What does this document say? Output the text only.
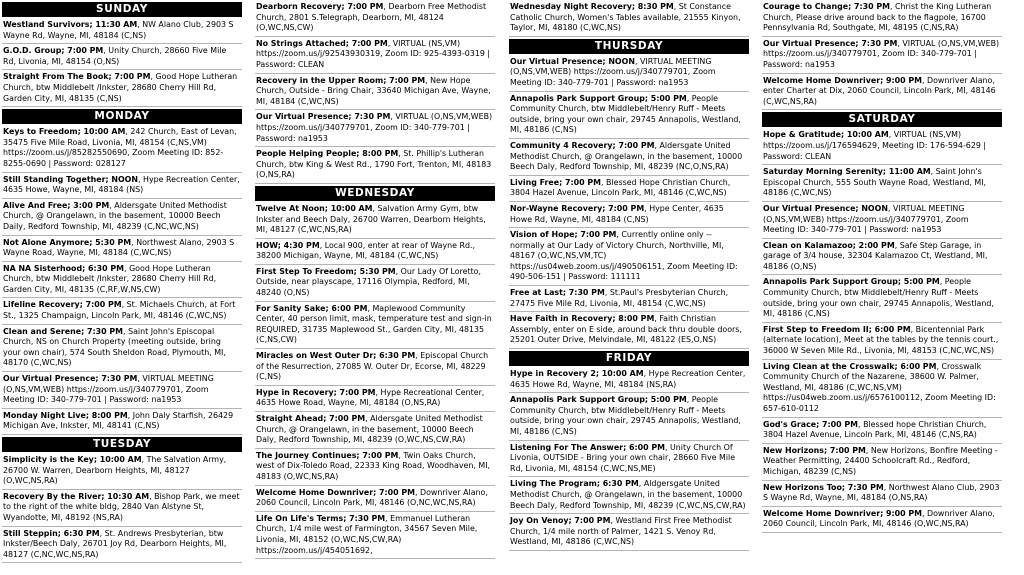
SUNDAY
Westland Survivors; 11:30 AM, NW Alano Club, 2903 S Wayne Rd, Wayne, MI, 48184 (C,NS)
G.O.D. Group; 7:00 PM, Unity Church, 28660 Five Mile Rd, Livonia, MI, 48154 (O,NS)
Straight From The Book; 7:00 PM, Good Hope Lutheran Church, btw Middlebelt /Inkster, 28680 Cherry Hill Rd, Garden City, MI, 48135 (C,NS)
MONDAY
Keys to Freedom; 10:00 AM, 242 Church, East of Levan, 35475 Five Mile Road, Livonia, MI, 48154 (C,NS,VM) https://zoom.us/j/85282550690, Zoom Meeting ID: 852-8255-0690 | Password: 028127
Still Standing Together; NOON, Hype Recreation Center, 4635 Howe, Wayne, MI, 48184 (NS)
Alive And Free; 3:00 PM, Aldersgate United Methodist Church, @ Orangelawn, in the basement, 10000 Beech Daily, Redford Township, MI, 48239 (C,NC,WC,NS)
Not Alone Anymore; 5:30 PM, Northwest Alano, 2903 S Wayne Road, Wayne, MI, 48184 (C,WC,NS)
NA NA Sisterhood; 6:30 PM, Good Hope Lutheran Church, btw Middlebelt /Inkster, 28680 Cherry Hill Rd, Garden City, MI, 48135 (C,RF,W,NS,CW)
Lifeline Recovery; 7:00 PM, St. Michaels Church, at Fort St., 1325 Champaign, Lincoln Park, MI, 48146 (C,WC,NS)
Clean and Serene; 7:30 PM, Saint John's Episcopal Church, NS on Church Property (meeting outside, bring your own chair), 574 South Sheldon Road, Plymouth, MI, 48170 (C,WC,NS)
Our Virtual Presence; 7:30 PM, VIRTUAL MEETING (O,NS,VM,WEB) https://zoom.us/j/340779701, Zoom Meeting ID: 340-779-701 | Password: na1953
Monday Night Live; 8:00 PM, John Daly Starfish, 26429 Michigan Ave, Inkster, MI, 48141 (C,NS)
TUESDAY
Simplicity is the Key; 10:00 AM, The Salvation Army, 26700 W. Warren, Dearborn Heights, MI, 48127 (O,WC,NS,RA)
Recovery By the River; 10:30 AM, Bishop Park, we meet to the right of the white bldg, 2840 Van Alstyne St, Wyandotte, MI, 48192 (NS,RA)
Still Steppin; 6:30 PM, St. Andrews Presbyterian, btw Inkster/Beech Daly, 26701 Joy Rd, Dearborn Heights, MI, 48127 (C,NC,WC,NS,RA)
Dearborn Recovery; 7:00 PM, Dearborn Free Methodist Church, 2801 S.Telegraph, Dearborn, MI, 48124 (O,WC,NS,CW)
No Strings Attached; 7:00 PM, VIRTUAL (NS,VM) https://zoom.us/j/92543930319, Zoom ID: 925-4393-0319 | Password: CLEAN
Recovery in the Upper Room; 7:00 PM, New Hope Church, Outside - Bring Chair, 33640 Michigan Ave, Wayne, MI, 48184 (C,WC,NS)
Our Virtual Presence; 7:30 PM, VIRTUAL (O,NS,VM,WEB) https://zoom.us/j/340779701, Zoom ID: 340-779-701 | Password: na1953
People Helping People; 8:00 PM, St. Phillip's Lutheran Church, btw King & West Rd., 1790 Fort, Trenton, MI, 48183 (O,NS,RA)
WEDNESDAY
Twelve At Noon; 10:00 AM, Salvation Army Gym, btw Inkster and Beech Daly, 26700 Warren, Dearborn Heights, MI, 48127 (C,WC,NS,RA)
HOW; 4:30 PM, Local 900, enter at rear of Wayne Rd., 38200 Michigan, Wayne, MI, 48184 (C,WC,NS)
First Step To Freedom; 5:30 PM, Our Lady Of Loretto, Outside, near playscape, 17116 Olympia, Redford, MI, 48240 (O,NS)
For Sanity Sake; 6:00 PM, Maplewood Community Center, 40 person limit, mask, temperature test and sign-in REQUIRED, 31735 Maplewood St., Garden City, MI, 48135 (C,NS,CW)
Miracles on West Outer Dr; 6:30 PM, Episcopal Church of the Resurrection, 27085 W. Outer Dr, Ecorse, MI, 48229 (C,NS)
Hype in Recovery; 7:00 PM, Hype Recreational Center, 4635 Howe Road, Wayne, MI, 48184 (O,NS,RA)
Straight Ahead; 7:00 PM, Aldersgate United Methodist Church, @ Orangelawn, in the basement, 10000 Beech Daly, Redford Township, MI, 48239 (O,WC,NS,CW,RA)
The Journey Continues; 7:00 PM, Twin Oaks Church, west of Dix-Toledo Road, 22333 King Road, Woodhaven, MI, 48183 (O,WC,NS,RA)
Welcome Home Downriver; 7:00 PM, Downriver Alano, 2060 Council, Lincoln Park, MI, 48146 (O,NC,WC,NS,RA)
Life On Life's Terms; 7:30 PM, Emmanuel Lutheran Church, 1/4 mile west of Farmington, 34567 Seven Mile, Livonia, MI, 48152 (O,WC,NS,CW,RA) https://zoom.us/j/454051692,
Wednesday Night Recovery; 8:30 PM, St Constance Catholic Church, Women's Tables available, 21555 Kinyon, Taylor, MI, 48180 (C,WC,NS)
THURSDAY
Our Virtual Presence; NOON, VIRTUAL MEETING (O,NS,VM,WEB) https://zoom.us/j/340779701, Zoom Meeting ID: 340-779-701 | Password: na1953
Annapolis Park Support Group; 5:00 PM, People Community Church, btw Middlebelt/Henry Ruff - Meets outside, bring your own chair, 29745 Annapolis, Westland, MI, 48186 (C,NS)
Community 4 Recovery; 7:00 PM, Aldersgate United Methodist Church, @ Orangelawn, in the basement, 10000 Beech Daly, Redford Township, MI, 48239 (NC,O,NS,RA)
Living Free; 7:00 PM, Blessed Hope Christian Church, 3804 Hazel Avenue, Lincoln Park, MI, 48146 (C,WC,NS)
Nor-Wayne Recovery; 7:00 PM, Hype Center, 4635 Howe Rd, Wayne, MI, 48184 (C,NS)
Vision of Hope; 7:00 PM, Currently online only -- normally at Our Lady of Victory Church, Northville, MI, 48167 (O,WC,NS,VM,TC) https://us04web.zoom.us/j/490506151, Zoom Meeting ID: 490-506-151 | Password: 111111
Free at Last; 7:30 PM, St.Paul's Presbyterian Church, 27475 Five Mile Rd, Livonia, MI, 48154 (C,WC,NS)
Have Faith in Recovery; 8:00 PM, Faith Christian Assembly, enter on E side, around back thru double doors, 25201 Outer Drive, Melvindale, MI, 48122 (ES,O,NS)
FRIDAY
Hype in Recovery 2; 10:00 AM, Hype Recreation Center, 4635 Howe Rd, Wayne, MI, 48184 (NS,RA)
Annapolis Park Support Group; 5:00 PM, People Community Church, btw Middlebelt/Henry Ruff - Meets outside, bring your own chair, 29745 Annapolis, Westland, MI, 48186 (C,NS)
Listening For The Answer; 6:00 PM, Unity Church Of Livonia, OUTSIDE - Bring your own chair, 28660 Five Mile Rd, Livonia, MI, 48154 (C,WC,NS,ME)
Living The Program; 6:30 PM, Aldgersgate United Methodist Church, @ Orangelawn, in the basement, 10000 Beech Daly, Redford Township, MI, 48239 (C,WC,NS,CW,RA)
Joy On Venoy; 7:00 PM, Westland First Free Methodist Church, 1/4 mile north of Palmer, 1421 S. Venoy Rd, Westland, MI, 48186 (C,WC,NS)
Courage to Change; 7:30 PM, Christ the King Lutheran Church, Please drive around back to the flagpole, 16700 Pennsylvania Rd, Southgate, MI, 48195 (C,NS,RA)
Our Virtual Presence; 7:30 PM, VIRTUAL (O,NS,VM,WEB) https://zoom.us/j/340779701, Zoom ID: 340-779-701 | Password: na1953
Welcome Home Downriver; 9:00 PM, Downriver Alano, enter Charter at Dix, 2060 Council, Lincoln Park, MI, 48146 (C,WC,NS,RA)
SATURDAY
Hope & Gratitude; 10:00 AM, VIRTUAL (NS,VM) https://zoom.us/j/176594629, Meeting ID: 176-594-629 | Password: CLEAN
Saturday Morning Serenity; 11:00 AM, Saint John's Episcopal Church, 555 South Wayne Road, Westland, MI, 48186 (C,WC,NS)
Our Virtual Presence; NOON, VIRTUAL MEETING (O,NS,VM,WEB) https://zoom.us/j/340779701, Zoom Meeting ID: 340-779-701 | Password: na1953
Clean on Kalamazoo; 2:00 PM, Safe Step Garage, in garage of 3/4 house, 32304 Kalamazoo Ct, Westland, MI, 48186 (O,NS)
Annapolis Park Support Group; 5:00 PM, People Community Church, btw Middlebelt/Henry Ruff - Meets outside, bring your own chair, 29745 Annapolis, Westland, MI, 48186 (C,NS)
First Step to Freedom II; 6:00 PM, Bicentennial Park (alternate location), Meet at the tables by the tennis court., 36000 W Seven Mile Rd., Livonia, MI, 48153 (C,NC,WC,NS)
Living Clean at the Crosswalk; 6:00 PM, Crosswalk Community Church of the Nazarene, 38600 W. Palmer, Westland, MI, 48186 (C,WC,NS,VM) https://us04web.zoom.us/j/6576100112, Zoom Meeting ID: 657-610-0112
God's Grace; 7:00 PM, Blessed hope Christian Church, 3804 Hazel Avenue, Lincoln Park, MI, 48146 (C,NS,RA)
New Horizons; 7:00 PM, New Horizons, Bonfire Meeting - Weather Permitting, 24400 Schoolcraft Rd., Redford, Michigan, 48239 (C,NS)
New Horizons Too; 7:30 PM, Northwest Alano Club, 2903 S Wayne Rd, Wayne, MI, 48184 (O,NS,RA)
Welcome Home Downriver; 9:00 PM, Downriver Alano, 2060 Council, Lincoln Park, MI, 48146 (O,WC,NS,RA)
